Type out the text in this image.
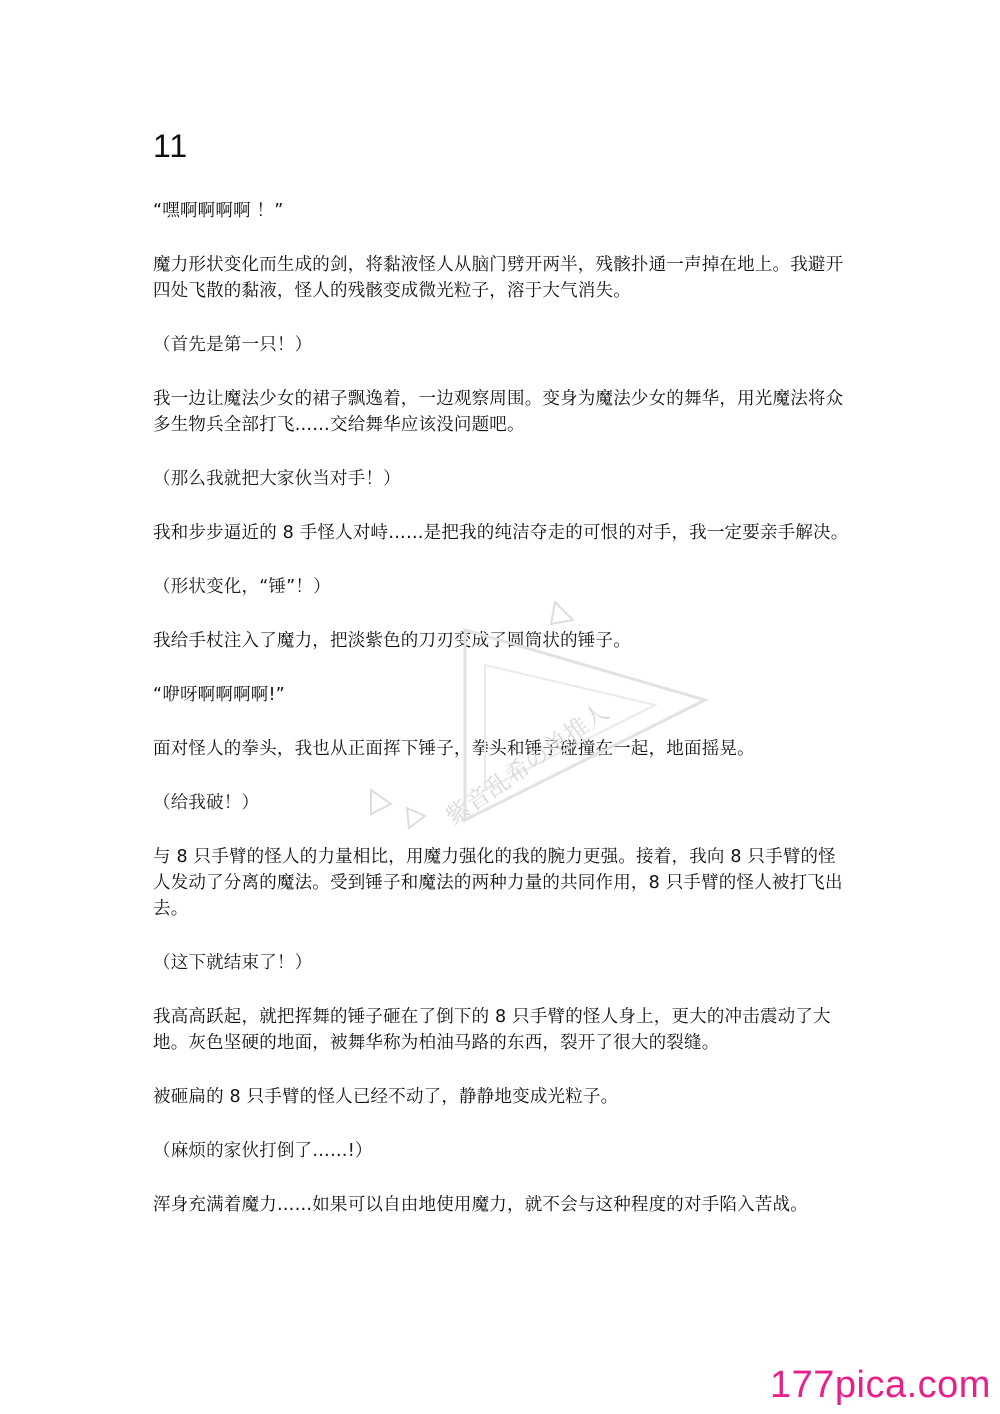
11

“嘿啊啊啊啊 ！”

魔力形状变化而生成的剑，将黏液怪人从脑门劈开两半，残骸扑通一声掉在地上。我避开四处飞散的黏液，怪人的残骸变成微光粒子，溶于大气消失。

（首先是第一只！）

我一边让魔法少女的裙子飘逸着，一边观察周围。变身为魔法少女的舞华，用光魔法将众多生物兵全部打飞……交给舞华应该没问题吧。

（那么我就把大家伙当对手！）

我和步步逼近的 8 手怪人对峙……是把我的纯洁夺走的可恨的对手，我一定要亲手解决。

（形状变化，“锤”！）

我给手杖注入了魔力，把淡紫色的刀刃变成了圆筒状的锤子。

“咿呀啊啊啊啊!”

面对怪人的拳头，我也从正面挥下锤子，拳头和锤子碰撞在一起，地面摇晃。

（给我破！）

与 8 只手臂的怪人的力量相比，用魔力强化的我的腕力更强。接着，我向 8 只手臂的怪人发动了分离的魔法。受到锤子和魔法的两种力量的共同作用，8 只手臂的怪人被打飞出去。

（这下就结束了！）

我高高跃起，就把挥舞的锤子砸在了倒下的 8 只手臂的怪人身上，更大的冲击震动了大地。灰色坚硬的地面，被舞华称为柏油马路的东西，裂开了很大的裂缝。

被砸扁的 8 只手臂的怪人已经不动了，静静地变成光粒子。

（麻烦的家伙打倒了……!）

浑身充满着魔力……如果可以自由地使用魔力，就不会与这种程度的对手陷入苦战。

紫音乱希の单推人
177pica.com
